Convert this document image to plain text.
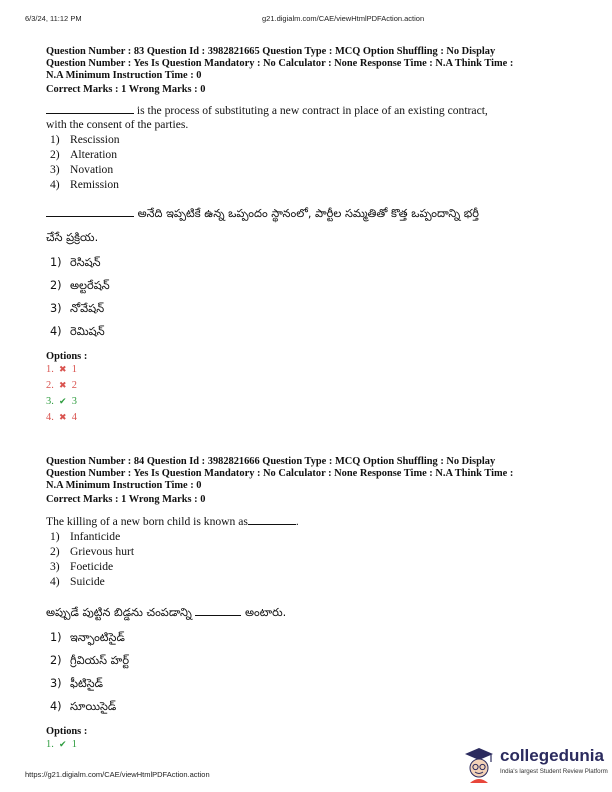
6/3/24, 11:12 PM	g21.digialm.com/CAE/viewHtmlPDFAction.action
Question Number : 83 Question Id : 3982821665 Question Type : MCQ Option Shuffling : No Display
Question Number : Yes Is Question Mandatory : No Calculator : None Response Time : N.A Think Time :
N.A Minimum Instruction Time : 0
Correct Marks : 1 Wrong Marks : 0
is the process of substituting a new contract in place of an existing contract,
with the consent of the parties.
1) Rescission
2) Alteration
3) Novation
4) Remission
అనేది ఇప్పటికే ఉన్న ఒప్పందం స్థానంలో, పార్టీల సమ్మతితో కొత్త ఒప్పందాన్ని భర్తీ
చేసే ప్రక్రియ.
1) రెసిషన్
2) అల్టరేషన్
3) నోవేషన్
4) రెమిషన్
Options :
1. ✖ 1
2. ✖ 2
3. ✔ 3
4. ✖ 4
Question Number : 84 Question Id : 3982821666 Question Type : MCQ Option Shuffling : No Display
Question Number : Yes Is Question Mandatory : No Calculator : None Response Time : N.A Think Time :
N.A Minimum Instruction Time : 0
Correct Marks : 1 Wrong Marks : 0
The killing of a new born child is known as	.
1) Infanticide
2) Grievous hurt
3) Foeticide
4) Suicide
అప్పుడే పుట్టిన బిడ్డను చంపడాన్ని	అంటారు.
1) ఇన్ఫాంటిసైడ్
2) గ్రీవియస్ హర్ట్
3) ఫీటిసైడ్
4) సూయిసైడ్
Options :
1. ✔ 1
https://g21.digialm.com/CAE/viewHtmlPDFAction.action
collegedunia
India's largest Student Review Platform
